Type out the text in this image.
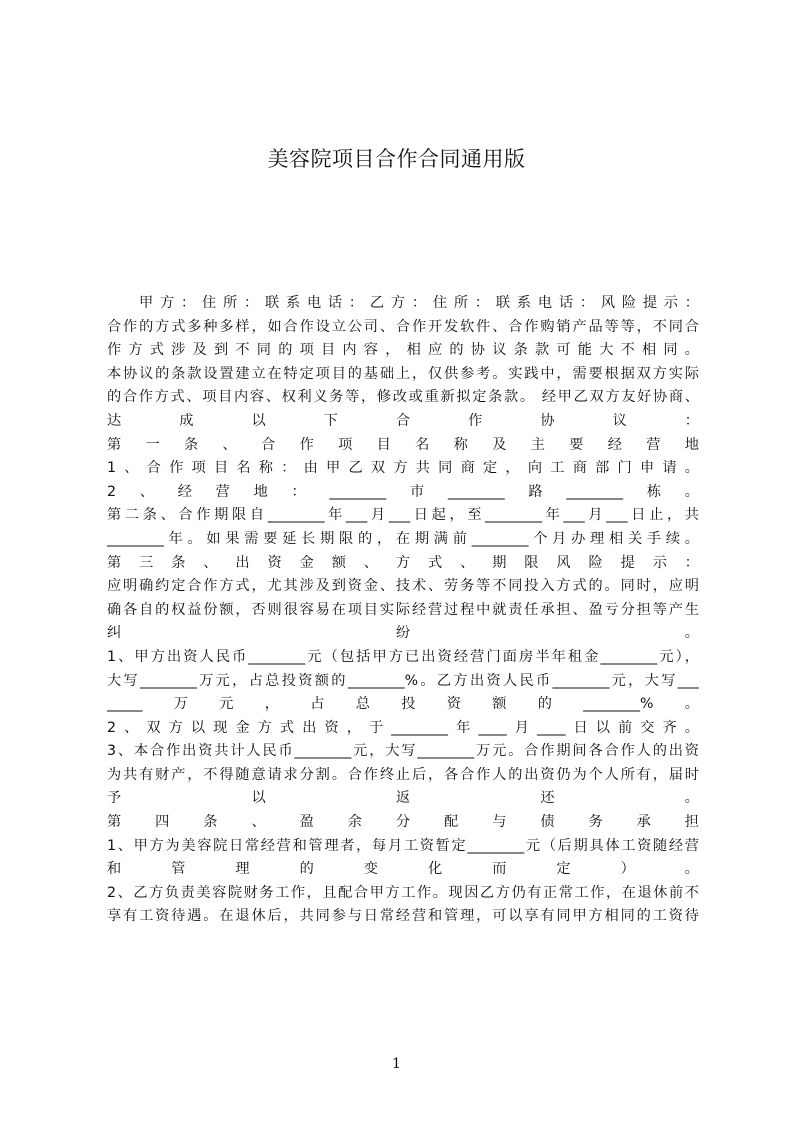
美容院项目合作合同通用版
甲方：住所：联系电话：乙方：住所：联系电话：风险提示：
合作的方式多种多样，如合作设立公司、合作开发软件、合作购销产品等等，不同合
作方式涉及到不同的项目内容，相应的协议条款可能大不相同。
本协议的条款设置建立在特定项目的基础上，仅供参考。实践中，需要根据双方实际
的合作方式、项目内容、权利义务等，修改或重新拟定条款。 经甲乙双方友好协商、
达 成 以 下 合 作 协 议 ：
第 一 条 、 合 作 项 目 名 称 及 主 要 经 营 地
1、合作项目名称：由甲乙双方共同商定，向工商部门申请。
2、经营地：________市________路________栋。
第二条、合作期限自________年___月___日起，至________年___月___日止，共
________年。如果需要延长期限的，在期满前________个月办理相关手续。
第 三 条 、 出 资 金 额 、 方 式 、 期 限 风 险 提 示 ：
应明确约定合作方式，尤其涉及到资金、技术、劳务等不同投入方式的。同时，应明
确各自的权益份额，否则很容易在项目实际经营过程中就责任承担、盈亏分担等产生
纠 纷 。
1、甲方出资人民币________元（包括甲方已出资经营门面房半年租金________元），
大写________万元，占总投资额的________%。乙方出资人民币________元，大写___
_____万元，占总投资额的________%。
2、双方以现金方式出资，于________年____月____日以前交齐。
3、本合作出资共计人民币________元，大写________万元。合作期间各合作人的出资
为共有财产，不得随意请求分割。合作终止后，各合作人的出资仍为个人所有，届时
予 以 返 还 。
第 四 条 、 盈 余 分 配 与 债 务 承 担
1、甲方为美容院日常经营和管理者，每月工资暂定________元（后期具体工资随经营
和 管 理 的 变 化 而 定 ） 。
2、乙方负责美容院财务工作，且配合甲方工作。现因乙方仍有正常工作，在退休前不
享有工资待遇。在退休后，共同参与日常经营和管理，可以享有同甲方相同的工资待
1
